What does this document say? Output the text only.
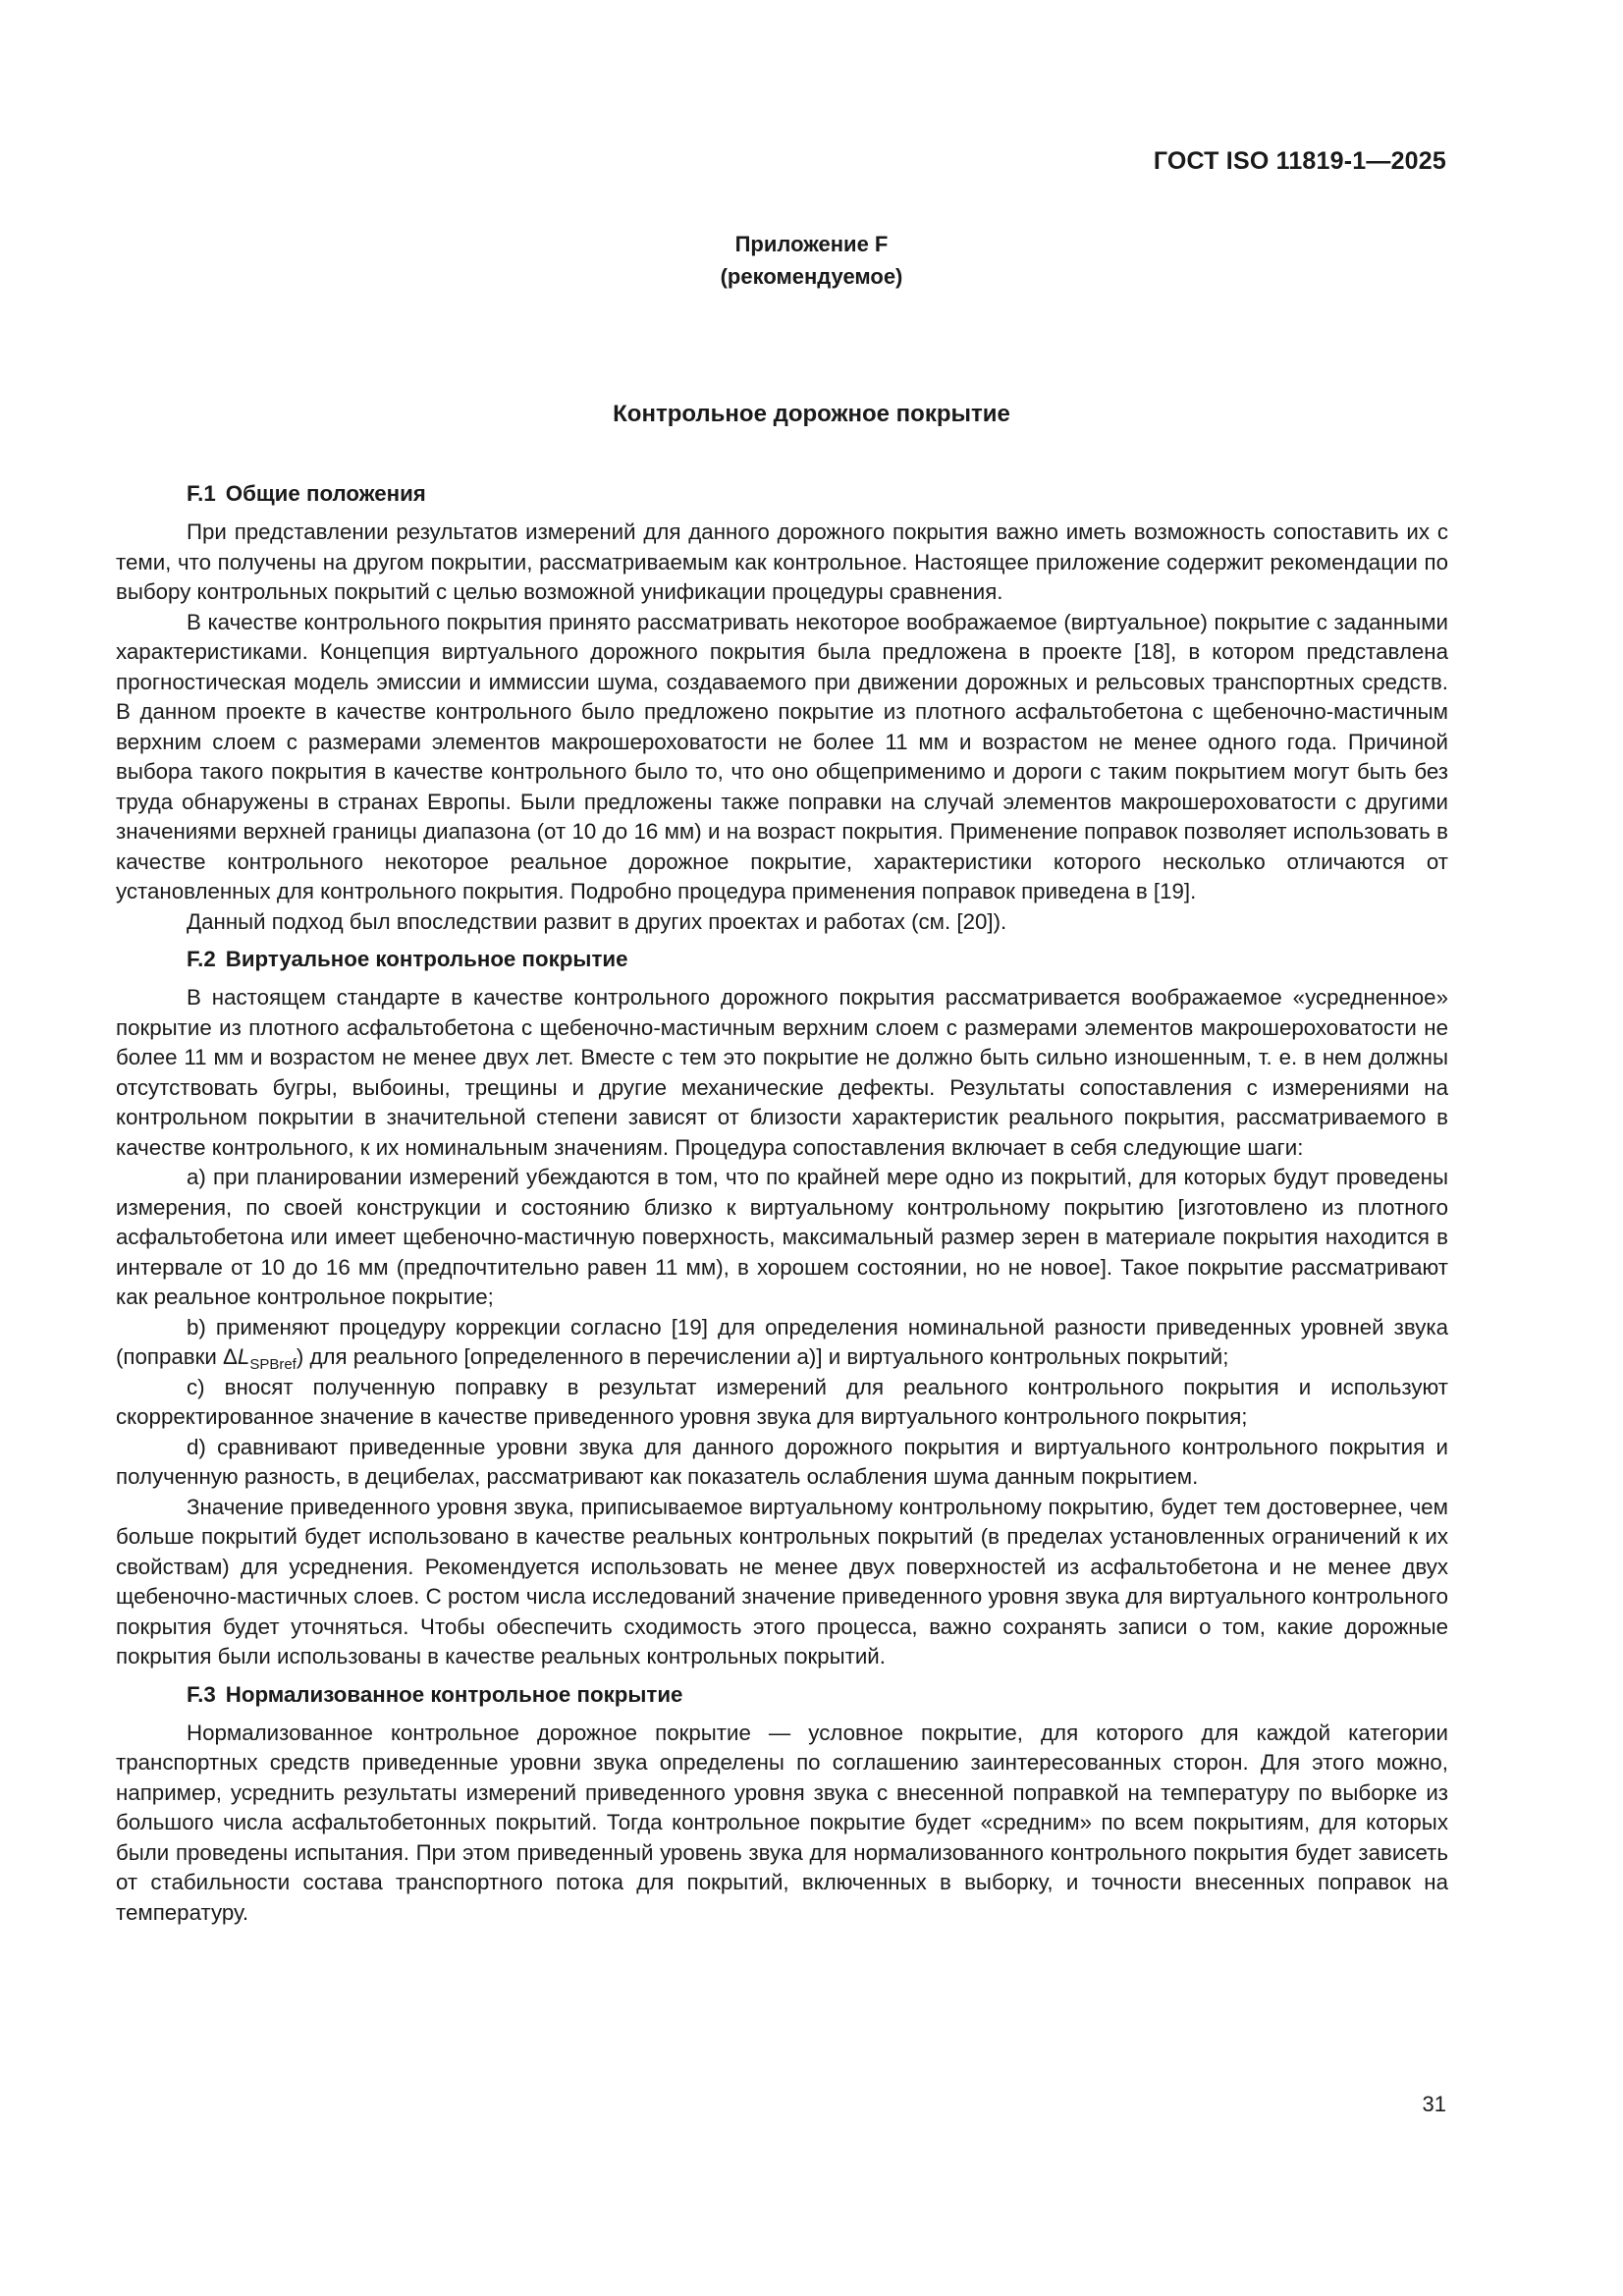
ГОСТ ISO 11819-1—2025
Приложение F
(рекомендуемое)
Контрольное дорожное покрытие
F.1 Общие положения

При представлении результатов измерений для данного дорожного покрытия важно иметь возможность сопоставить их с теми, что получены на другом покрытии, рассматриваемым как контрольное. Настоящее приложение содержит рекомендации по выбору контрольных покрытий с целью возможной унификации процедуры сравнения.

В качестве контрольного покрытия принято рассматривать некоторое воображаемое (виртуальное) покрытие с заданными характеристиками. Концепция виртуального дорожного покрытия была предложена в проекте [18], в котором представлена прогностическая модель эмиссии и иммиссии шума, создаваемого при движении дорожных и рельсовых транспортных средств. В данном проекте в качестве контрольного было предложено покрытие из плотного асфальтобетона с щебеночно-мастичным верхним слоем с размерами элементов макрошероховатости не более 11 мм и возрастом не менее одного года. Причиной выбора такого покрытия в качестве контрольного было то, что оно общеприменимо и дороги с таким покрытием могут быть без труда обнаружены в странах Европы. Были предложены также поправки на случай элементов макрошероховатости с другими значениями верхней границы диапазона (от 10 до 16 мм) и на возраст покрытия. Применение поправок позволяет использовать в качестве контрольного некоторое реальное дорожное покрытие, характеристики которого несколько отличаются от установленных для контрольного покрытия. Подробно процедура применения поправок приведена в [19].

Данный подход был впоследствии развит в других проектах и работах (см. [20]).

F.2 Виртуальное контрольное покрытие

В настоящем стандарте в качестве контрольного дорожного покрытия рассматривается воображаемое «усредненное» покрытие из плотного асфальтобетона с щебеночно-мастичным верхним слоем с размерами элементов макрошероховатости не более 11 мм и возрастом не менее двух лет. Вместе с тем это покрытие не должно быть сильно изношенным, т. е. в нем должны отсутствовать бугры, выбоины, трещины и другие механические дефекты. Результаты сопоставления с измерениями на контрольном покрытии в значительной степени зависят от близости характеристик реального покрытия, рассматриваемого в качестве контрольного, к их номинальным значениям. Процедура сопоставления включает в себя следующие шаги:

a) при планировании измерений убеждаются в том, что по крайней мере одно из покрытий, для которых будут проведены измерения, по своей конструкции и состоянию близко к виртуальному контрольному покрытию [изготовлено из плотного асфальтобетона или имеет щебеночно-мастичную поверхность, максимальный размер зерен в материале покрытия находится в интервале от 10 до 16 мм (предпочтительно равен 11 мм), в хорошем состоянии, но не новое]. Такое покрытие рассматривают как реальное контрольное покрытие;

b) применяют процедуру коррекции согласно [19] для определения номинальной разности приведенных уровней звука (поправки $\Delta L_{SPBref}$) для реального [определенного в перечислении a)] и виртуального контрольных покрытий;

c) вносят полученную поправку в результат измерений для реального контрольного покрытия и используют скорректированное значение в качестве приведенного уровня звука для виртуального контрольного покрытия;

d) сравнивают приведенные уровни звука для данного дорожного покрытия и виртуального контрольного покрытия и полученную разность, в децибелах, рассматривают как показатель ослабления шума данным покрытием.

Значение приведенного уровня звука, приписываемое виртуальному контрольному покрытию, будет тем достовернее, чем больше покрытий будет использовано в качестве реальных контрольных покрытий (в пределах установленных ограничений к их свойствам) для усреднения. Рекомендуется использовать не менее двух поверхностей из асфальтобетона и не менее двух щебеночно-мастичных слоев. С ростом числа исследований значение приведенного уровня звука для виртуального контрольного покрытия будет уточняться. Чтобы обеспечить сходимость этого процесса, важно сохранять записи о том, какие дорожные покрытия были использованы в качестве реальных контрольных покрытий.

F.3 Нормализованное контрольное покрытие

Нормализованное контрольное дорожное покрытие — условное покрытие, для которого для каждой категории транспортных средств приведенные уровни звука определены по соглашению заинтересованных сторон. Для этого можно, например, усреднить результаты измерений приведенного уровня звука с внесенной поправкой на температуру по выборке из большого числа асфальтобетонных покрытий. Тогда контрольное покрытие будет «средним» по всем покрытиям, для которых были проведены испытания. При этом приведенный уровень звука для нормализованного контрольного покрытия будет зависеть от стабильности состава транспортного потока для покрытий, включенных в выборку, и точности внесенных поправок на температуру.

31
